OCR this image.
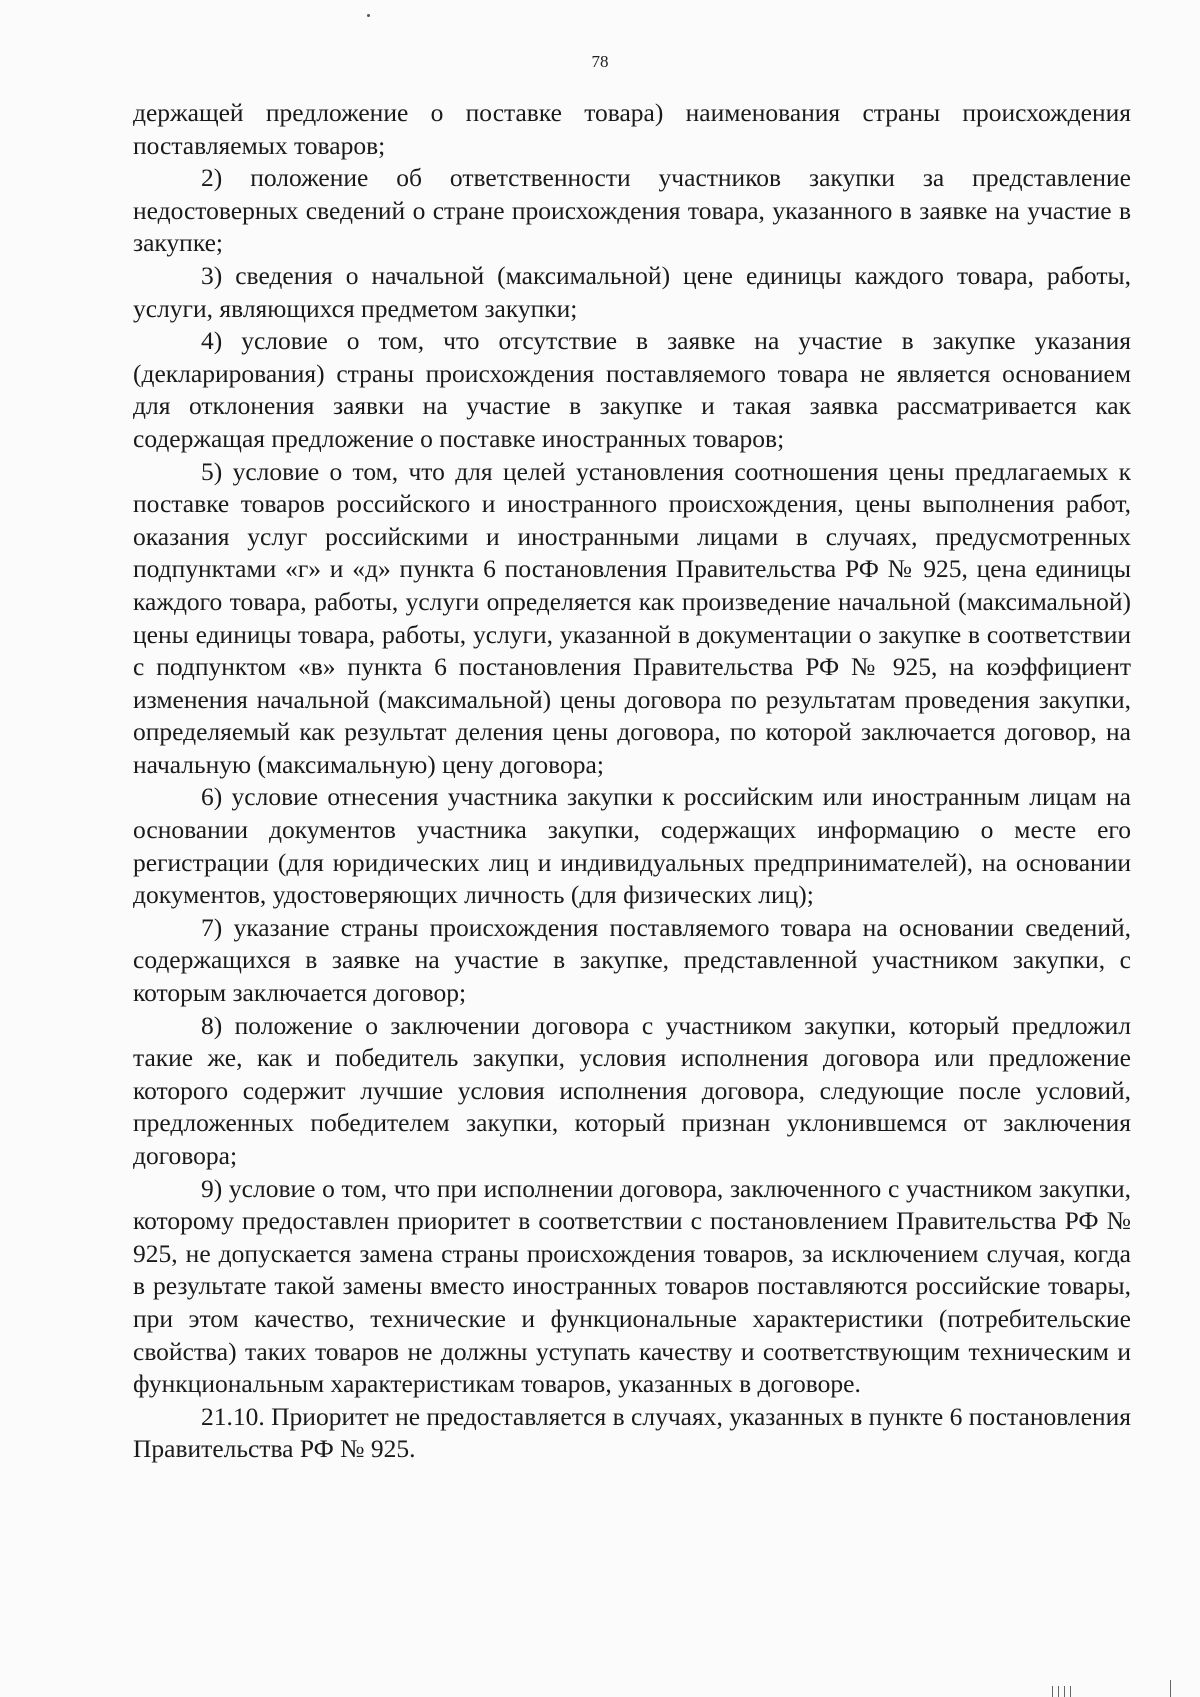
78

держащей предложение о поставке товара) наименования страны происхождения поставляемых товаров;

2) положение об ответственности участников закупки за представление недостоверных сведений о стране происхождения товара, указанного в заявке на участие в закупке;

3) сведения о начальной (максимальной) цене единицы каждого товара, работы, услуги, являющихся предметом закупки;

4) условие о том, что отсутствие в заявке на участие в закупке указания (декларирования) страны происхождения поставляемого товара не является основанием для отклонения заявки на участие в закупке и такая заявка рассматривается как содержащая предложение о поставке иностранных товаров;

5) условие о том, что для целей установления соотношения цены предлагаемых к поставке товаров российского и иностранного происхождения, цены выполнения работ, оказания услуг российскими и иностранными лицами в случаях, предусмотренных подпунктами «г» и «д» пункта 6 постановления Правительства РФ № 925, цена единицы каждого товара, работы, услуги определяется как произведение начальной (максимальной) цены единицы товара, работы, услуги, указанной в документации о закупке в соответствии с подпунктом «в» пункта 6 постановления Правительства РФ № 925, на коэффициент изменения начальной (максимальной) цены договора по результатам проведения закупки, определяемый как результат деления цены договора, по которой заключается договор, на начальную (максимальную) цену договора;

6) условие отнесения участника закупки к российским или иностранным лицам на основании документов участника закупки, содержащих информацию о месте его регистрации (для юридических лиц и индивидуальных предпринимателей), на основании документов, удостоверяющих личность (для физических лиц);

7) указание страны происхождения поставляемого товара на основании сведений, содержащихся в заявке на участие в закупке, представленной участником закупки, с которым заключается договор;

8) положение о заключении договора с участником закупки, который предложил такие же, как и победитель закупки, условия исполнения договора или предложение которого содержит лучшие условия исполнения договора, следующие после условий, предложенных победителем закупки, который признан уклонившемся от заключения договора;

9) условие о том, что при исполнении договора, заключенного с участником закупки, которому предоставлен приоритет в соответствии с постановлением Правительства РФ № 925, не допускается замена страны происхождения товаров, за исключением случая, когда в результате такой замены вместо иностранных товаров поставляются российские товары, при этом качество, технические и функциональные характеристики (потребительские свойства) таких товаров не должны уступать качеству и соответствующим техническим и функциональным характеристикам товаров, указанных в договоре.

21.10. Приоритет не предоставляется в случаях, указанных в пункте 6 постановления Правительства РФ № 925.
